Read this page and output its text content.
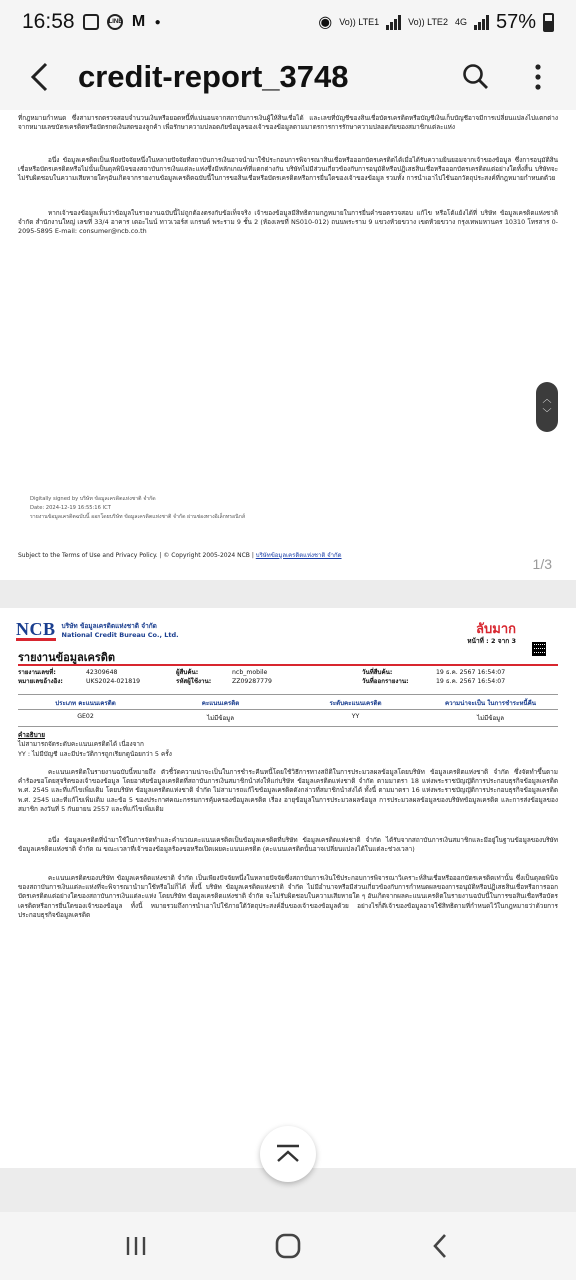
16:58	LINE M ●	◉ Vo)) LTE1	Vo)) LTE2 4G 57%
credit-report_3748
ที่กฎหมายกำหนด ซึ่งสามารถตรวจสอบจำนวนเงินหรือยอดหนี้ที่แน่นอนจากสถาบันการเงินผู้ให้สินเชื่อได้ และเลขที่บัญชีของสินเชื่อบัตรเครดิตหรือบัญชีเงินเก็บบัญชีอาจมีการเปลี่ยนแปลงไปแตกต่างจากหมายเลขบัตรเครดิตหรือบัตรกดเงินสดของลูกค้า เพื่อรักษาความปลอดภัยข้อมูลของเจ้าของข้อมูลตามมาตรการการรักษาความปลอดภัยของสมาชิกแต่ละแห่ง
อนึ่ง ข้อมูลเครดิตเป็นเพียงปัจจัยหนึ่งในหลายปัจจัยที่สถาบันการเงินอาจนำมาใช้ประกอบการพิจารณาสินเชื่อหรือออกบัตรเครดิตได้เมื่อได้รับความยินยอมจากเจ้าของข้อมูล ซึ่งการอนุมัติสินเชื่อหรือบัตรเครดิตหรือไม่นั้นเป็นดุลพินิจของสถาบันการเงินแต่ละแห่งซึ่งมีหลักเกณฑ์ที่แตกต่างกัน บริษัทไม่มีส่วนเกี่ยวข้องกับการอนุมัติหรือปฏิเสธสินเชื่อหรือออกบัตรเครดิตแต่อย่างใดทั้งสิ้น บริษัทจะไม่รับผิดชอบในความเสียหายใดๆอันเกิดจากรายงานข้อมูลเครดิตฉบับนี้ในการขอสินเชื่อหรือบัตรเครดิตหรือการยื่นใดของเจ้าของข้อมูล รวมทั้ง การนำเอาไปใช้นอกวัตถุประสงค์ที่กฎหมายกำหนดด้วย
หากเจ้าของข้อมูลเห็นว่าข้อมูลในรายงานฉบับนี้ไม่ถูกต้องตรงกับข้อเท็จจริง เจ้าของข้อมูลมีสิทธิตามกฎหมายในการยื่นคำขอตรวจสอบ แก้ไข หรือโต้แย้งได้ที่ บริษัท ข้อมูลเครดิตแห่งชาติ จำกัด สำนักงานใหญ่ เลขที่ 33/4 อาคาร เดอะไนน์ ทาวเวอร์ส แกรนด์ พระราม 9 ชั้น 2 (ห้องเลขที่ NS010-012) ถนนพระราม 9 แขวงห้วยขวาง เขตห้วยขวาง กรุงเทพมหานคร 10310 โทรสาร 0-2095-5895 E-mail: consumer@ncb.co.th
Digitally signed by บริษัท ข้อมูลเครดิตแห่งชาติ จำกัด
Date: 2024-12-19 16:55:16 ICT
รายงานข้อมูลเครดิตฉบับนี้ ออกโดยบริษัท ข้อมูลเครดิตแห่งชาติ จำกัด ผ่านช่องทางอิเล็กทรอนิกส์
Subject to the Terms of Use and Privacy Policy. | © Copyright 2005-2024 NCB | บริษัทข้อมูลเครดิตแห่งชาติ จำกัด
1/3
NCB บริษัท ข้อมูลเครดิตแห่งชาติ จำกัด
National Credit Bureau Co., Ltd.	ลับมาก
หน้าที่ : 2 จาก 3
รายงานข้อมูลเครดิต
รายงานเลขที่:	42309648	ผู้สืบค้น:	ncb_mobile	วันที่สืบค้น:	19 ธ.ค. 2567 16:54:07
หมายเลขอ้างอิง:	UKS2024-021819	รหัสผู้ใช้งาน:	ZZ09287779	วันที่ออกรายงาน:	19 ธ.ค. 2567 16:54:07
ประเภท คะแนนเครดิต	คะแนนเครดิต	ระดับคะแนนเครดิต	ความน่าจะเป็น ในการชำระหนี้คืน
GE02	ไม่มีข้อมูล	YY	ไม่มีข้อมูล
คำอธิบาย
ไม่สามารถจัดระดับคะแนนเครดิตได้ เนื่องจาก
YY : ไม่มีบัญชี และมีประวัติการถูกเรียกดูน้อยกว่า 5 ครั้ง
คะแนนเครดิตในรายงานฉบับนี้หมายถึง ตัวชี้วัดความน่าจะเป็นในการชำระคืนหนี้โดยใช้วิธีการทางสถิติในการประมวลผลข้อมูลโดยบริษัท ข้อมูลเครดิตแห่งชาติ จำกัด ซึ่งจัดทำขึ้นตามคำร้องขอโดยสุจริตของเจ้าของข้อมูล โดยอาศัยข้อมูลเครดิตที่สถาบันการเงินสมาชิกนำส่งให้แก่บริษัท ข้อมูลเครดิตแห่งชาติ จำกัด ตามมาตรา 18 แห่งพระราชบัญญัติการประกอบธุรกิจข้อมูลเครดิต พ.ศ. 2545 และที่แก้ไขเพิ่มเติม โดยบริษัท ข้อมูลเครดิตแห่งชาติ จำกัด ไม่สามารถแก้ไขข้อมูลเครดิตดังกล่าวที่สมาชิกนำส่งได้ ทั้งนี้ ตามมาตรา 16 แห่งพระราชบัญญัติการประกอบธุรกิจข้อมูลเครดิต พ.ศ. 2545 และที่แก้ไขเพิ่มเติม และข้อ 5 ของประกาศคณะกรรมการคุ้มครองข้อมูลเครดิต เรื่อง อายุข้อมูลในการประมวลผลข้อมูล การประมวลผลข้อมูลของบริษัทข้อมูลเครดิต และการส่งข้อมูลของสมาชิก ลงวันที่ 5 กันยายน 2557 และที่แก้ไขเพิ่มเติม
อนึ่ง ข้อมูลเครดิตที่นำมาใช้ในการจัดทำและคำนวณคะแนนเครดิตเป็นข้อมูลเครดิตที่บริษัท ข้อมูลเครดิตแห่งชาติ จำกัด ได้รับจากสถาบันการเงินสมาชิกและมีอยู่ในฐานข้อมูลของบริษัท ข้อมูลเครดิตแห่งชาติ จำกัด ณ ขณะเวลาที่เจ้าของข้อมูลร้องขอหรือเปิดเผยคะแนนเครดิต (คะแนนเครดิตนั้นอาจเปลี่ยนแปลงได้ในแต่ละช่วงเวลา)
คะแนนเครดิตของบริษัท ข้อมูลเครดิตแห่งชาติ จำกัด เป็นเพียงปัจจัยหนึ่งในหลายปัจจัยซึ่งสถาบันการเงินใช้ประกอบการพิจารณาวิเคราะห์สินเชื่อหรือออกบัตรเครดิตเท่านั้น ซึ่งเป็นดุลยพินิจของสถาบันการเงินแต่ละแห่งที่จะพิจารณานำมาใช้หรือไม่ก็ได้ ทั้งนี้ บริษัท ข้อมูลเครดิตแห่งชาติ จำกัด ไม่มีอำนาจหรือมีส่วนเกี่ยวข้องกับการกำหนดผลของการอนุมัติหรือปฏิเสธสินเชื่อหรือการออกบัตรเครดิตแต่อย่างใดของสถาบันการเงินแต่ละแห่ง โดยบริษัท ข้อมูลเครดิตแห่งชาติ จำกัด จะไม่รับผิดชอบในความเสียหายใด ๆ อันเกิดจากผลคะแนนเครดิตในรายงานฉบับนี้ในการขอสินเชื่อหรือบัตรเครดิตหรือการยื่นใดของเจ้าของข้อมูล ทั้งนี้ หมายรวมถึงการนำเอาไปใช้ภายใต้วัตถุประสงค์อื่นของเจ้าของข้อมูลด้วย อย่างไรก็ดีเจ้าของข้อมูลอาจใช้สิทธิตามที่กำหนดไว้ในกฎหมายว่าด้วยการประกอบธุรกิจข้อมูลเครดิต
︿
﹀
